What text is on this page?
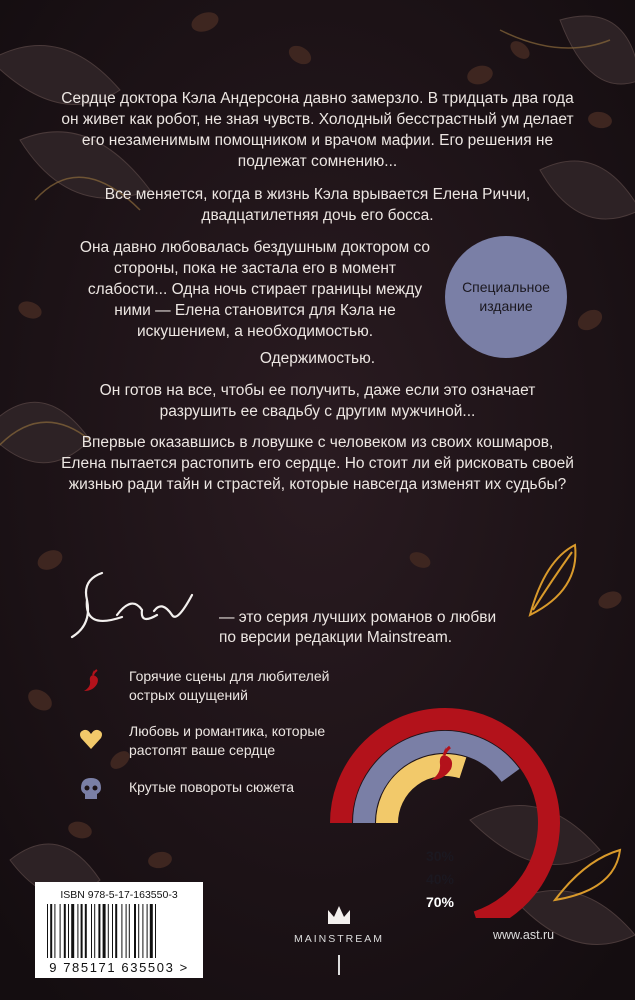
Сердце доктора Кэла Андерсона давно замерзло. В тридцать два года он живет как робот, не зная чувств. Холодный бесстрастный ум делает его незаменимым помощником и врачом мафии. Его решения не подлежат сомнению...

Все меняется, когда в жизнь Кэла врывается Елена Риччи, двадцатилетняя дочь его босса.

Она давно любовалась бездушным доктором со стороны, пока не застала его в момент слабости... Одна ночь стирает границы между ними — Елена становится для Кэла не искушением, а необходимостью.

Одержимостью.

Он готов на все, чтобы ее получить, даже если это означает разрушить ее свадьбу с другим мужчиной...

Впервые оказавшись в ловушке с человеком из своих кошмаров, Елена пытается растопить его сердце. Но стоит ли ей рисковать своей жизнью ради тайн и страстей, которые навсегда изменят их судьбы?

Специальное
издание
— это серия лучших романов о любви
по версии редакции Mainstream.
Горячие сцены для любителей
острых ощущений
Любовь и романтика, которые
растопят ваше сердце
Крутые повороты сюжета
30%
40%
70%
ISBN 978-5-17-163550-3
9 785171 635503 >
MAINSTREAM	www.ast.ru
